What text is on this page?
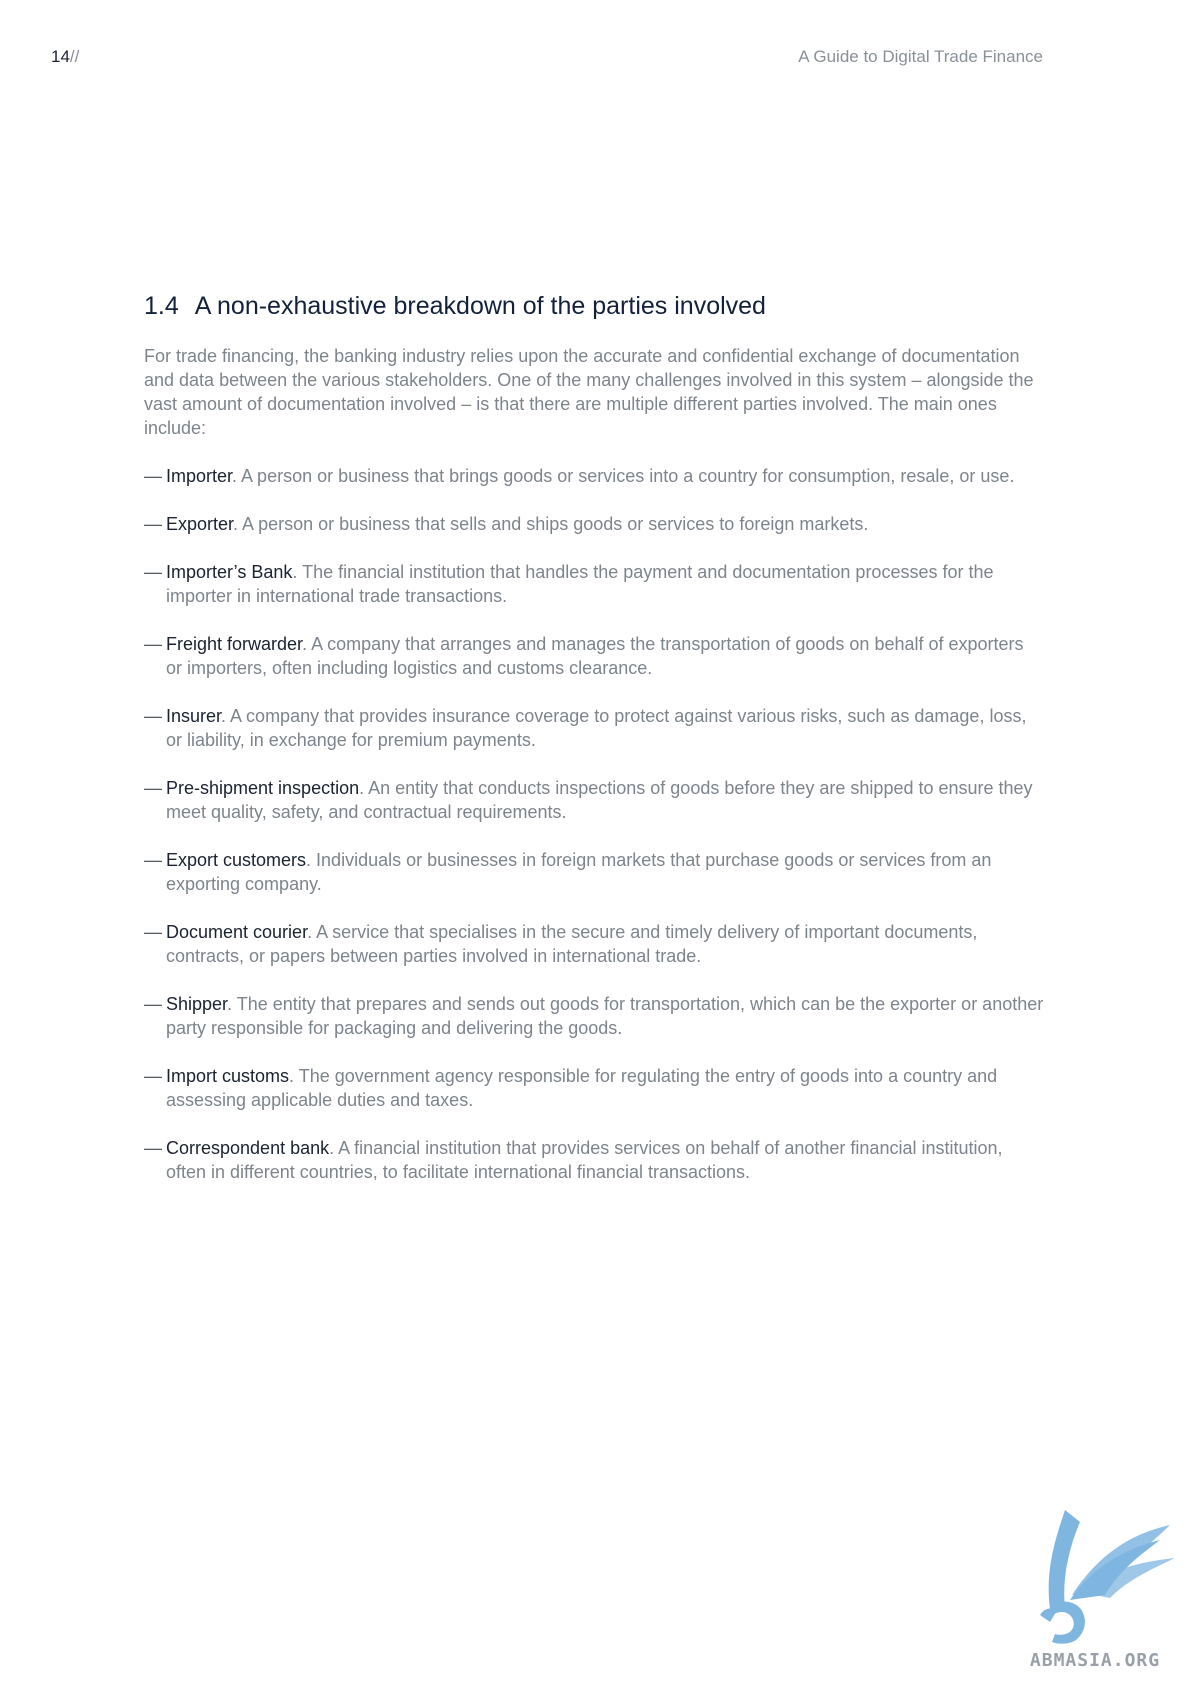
14//	A Guide to Digital Trade Finance
1.4 A non-exhaustive breakdown of the parties involved

For trade financing, the banking industry relies upon the accurate and confidential exchange of documentation and data between the various stakeholders. One of the many challenges involved in this system – alongside the vast amount of documentation involved – is that there are multiple different parties involved. The main ones include:

— Importer. A person or business that brings goods or services into a country for consumption, resale, or use.
— Exporter. A person or business that sells and ships goods or services to foreign markets.
— Importer’s Bank. The financial institution that handles the payment and documentation processes for the importer in international trade transactions.
— Freight forwarder. A company that arranges and manages the transportation of goods on behalf of exporters or importers, often including logistics and customs clearance.
— Insurer. A company that provides insurance coverage to protect against various risks, such as damage, loss, or liability, in exchange for premium payments.
— Pre-shipment inspection. An entity that conducts inspections of goods before they are shipped to ensure they meet quality, safety, and contractual requirements.
— Export customers. Individuals or businesses in foreign markets that purchase goods or services from an exporting company.
— Document courier. A service that specialises in the secure and timely delivery of important documents, contracts, or papers between parties involved in international trade.
— Shipper. The entity that prepares and sends out goods for transportation, which can be the exporter or another party responsible for packaging and delivering the goods.
— Import customs. The government agency responsible for regulating the entry of goods into a country and assessing applicable duties and taxes.
— Correspondent bank. A financial institution that provides services on behalf of another financial institution, often in different countries, to facilitate international financial transactions.
ABMASIA.ORG
